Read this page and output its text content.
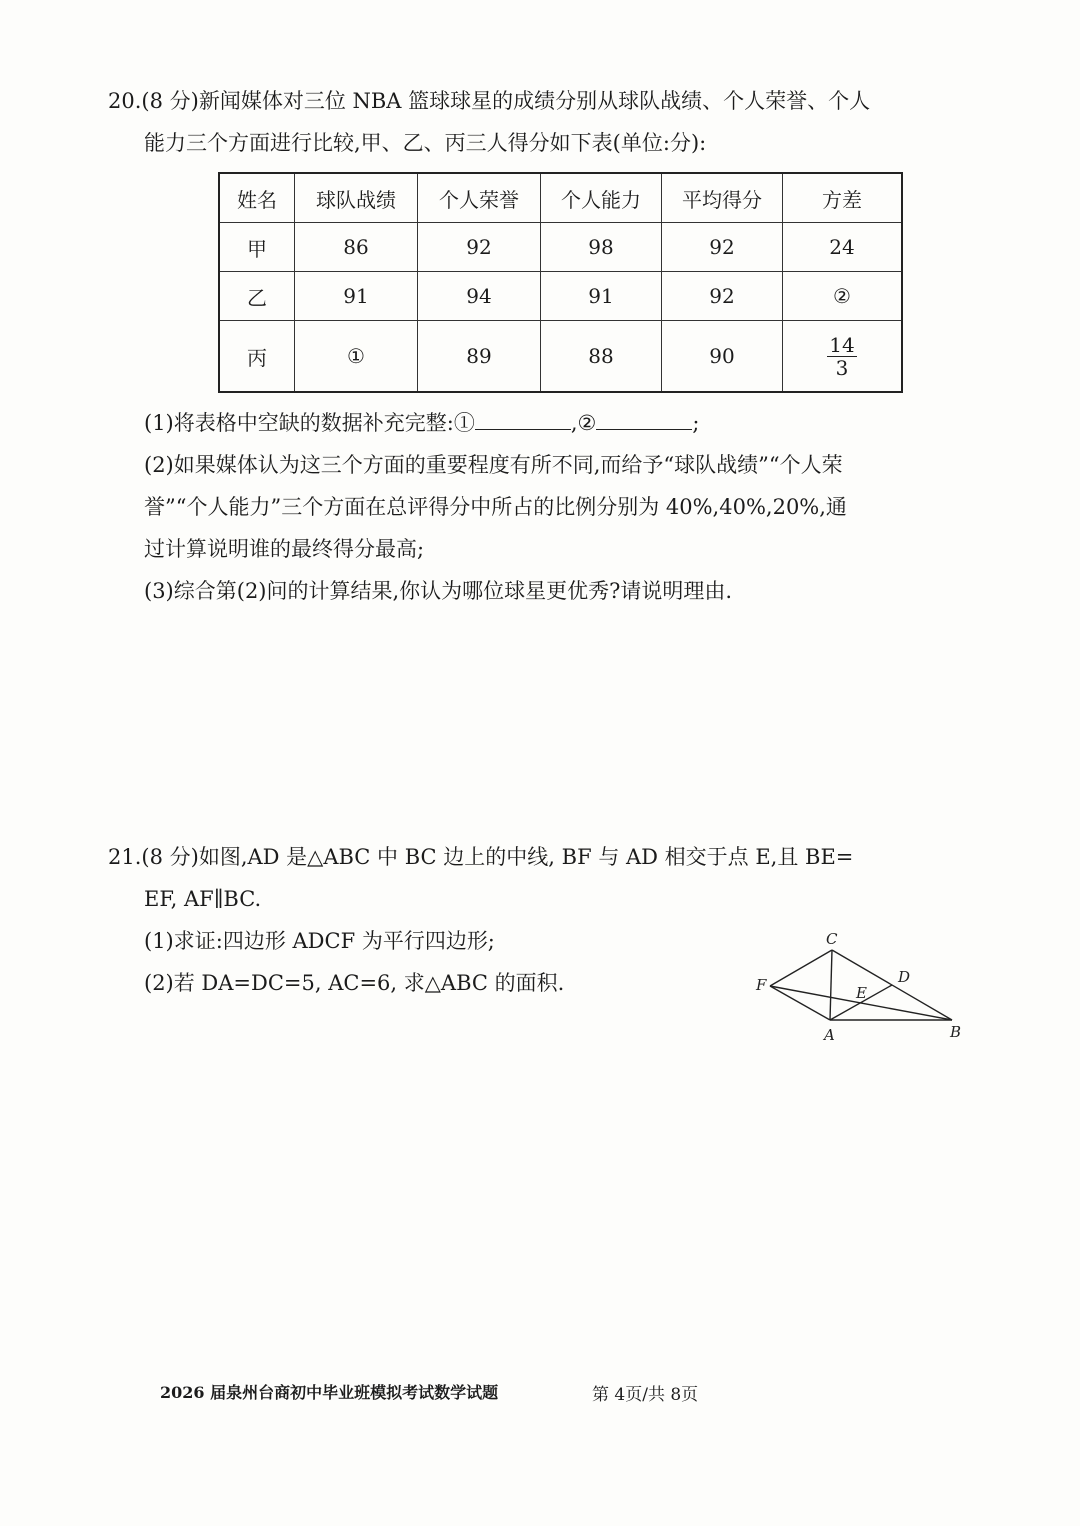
20.(8 分)新闻媒体对三位 NBA 篮球球星的成绩分别从球队战绩、个人荣誉、个人
能力三个方面进行比较,甲、乙、丙三人得分如下表(单位:分):
姓名	球队战绩	个人荣誉	个人能力	平均得分	方差
甲	86	92	98	92	24
乙	91	94	91	92	②
丙	①	89	88	90	$\frac{14}{3}$
(1)将表格中空缺的数据补充完整:①	,②	;
(2)如果媒体认为这三个方面的重要程度有所不同,而给予“球队战绩”“个人荣
誉”“个人能力”三个方面在总评得分中所占的比例分别为 40%,40%,20%,通
过计算说明谁的最终得分最高;
(3)综合第(2)问的计算结果,你认为哪位球星更优秀?请说明理由.
21.(8 分)如图,AD 是△ABC 中 BC 边上的中线, BF 与 AD 相交于点 E,且 BE=
EF, AF∥BC.
(1)求证:四边形 ADCF 为平行四边形;
(2)若 DA=DC=5, AC=6, 求△ABC 的面积.
C
D
F	E
A	B
2026 届泉州台商初中毕业班模拟考试数学试题	第 4页/共 8页
